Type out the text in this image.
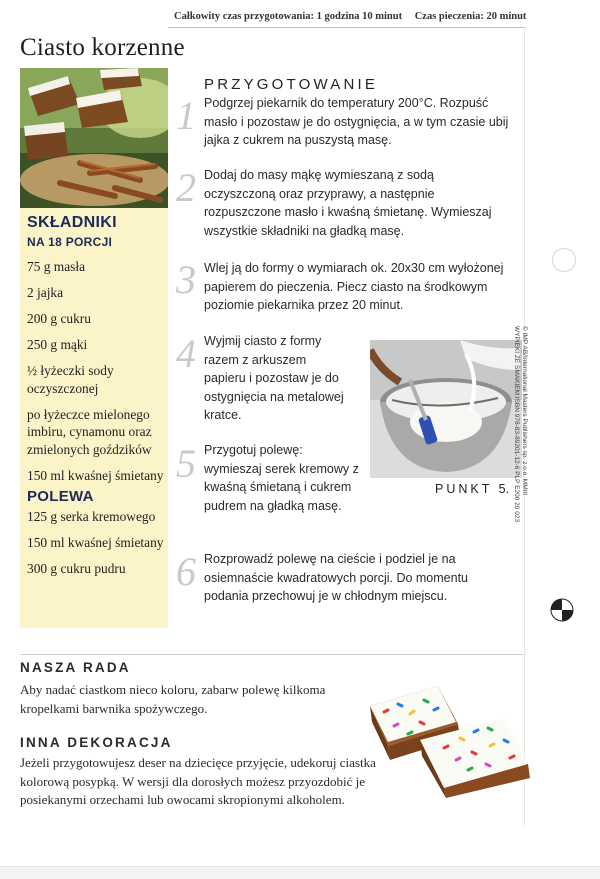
Całkowity czas przygotowania: 1 godzina 10 minut Czas pieczenia: 20 minut
Ciasto korzenne
SKŁADNIKI
NA 18 PORCJI
75 g masła
2 jajka
200 g cukru
250 g mąki
½ łyżeczki sody oczyszczonej
po łyżeczce mielonego imbiru, cynamonu oraz zmielonych goździków
150 ml kwaśnej śmietany
POLEWA
125 g serka kremowego
150 ml kwaśnej śmietany
300 g cukru pudru
PRZYGOTOWANIE
1 Podgrzej piekarnik do temperatury 200°C. Rozpuść masło i pozostaw je do ostygnięcia, a w tym czasie ubij jajka z cukrem na puszystą masę.
2 Dodaj do masy mąkę wymieszaną z sodą oczyszczoną oraz przyprawy, a następnie rozpuszczone masło i kwaśną śmietanę. Wymieszaj wszystkie składniki na gładką masę.
3 Wlej ją do formy o wymiarach ok. 20x30 cm wyłożonej papierem do pieczenia. Piecz ciasto na środkowym poziomie piekarnika przez 20 minut.
4 Wyjmij ciasto z formy razem z arkuszem papieru i pozostaw je do ostygnięcia na metalowej kratce.
5 Przygotuj polewę: wymieszaj serek kremowy z kwaśną śmietaną i cukrem pudrem na gładką masę.
6 Rozprowadź polewę na cieście i podziel je na osiemnaście kwadratowych porcji. Do momentu podania przechowuj je w chłodnym miejscu.
PUNKT 5.
NASZA RADA
Aby nadać ciastkom nieco koloru, zabarw polewę kilkoma kropelkami barwnika spożywczego.
INNA DEKORACJA
Jeżeli przygotowujesz deser na dziecięce przyjęcie, udekoruj ciastka kolorową posypką. W wersji dla dorosłych możesz przyozdobić je posiekanymi orzechami lub owocami skropionymi alkoholem.
© IMP AB/International Masters Publishers sp. z o.o. MMIII
WYPIEKI ZE SMAKIEM ISBN 978-83-89201-12-6 PLP E200 20 023
